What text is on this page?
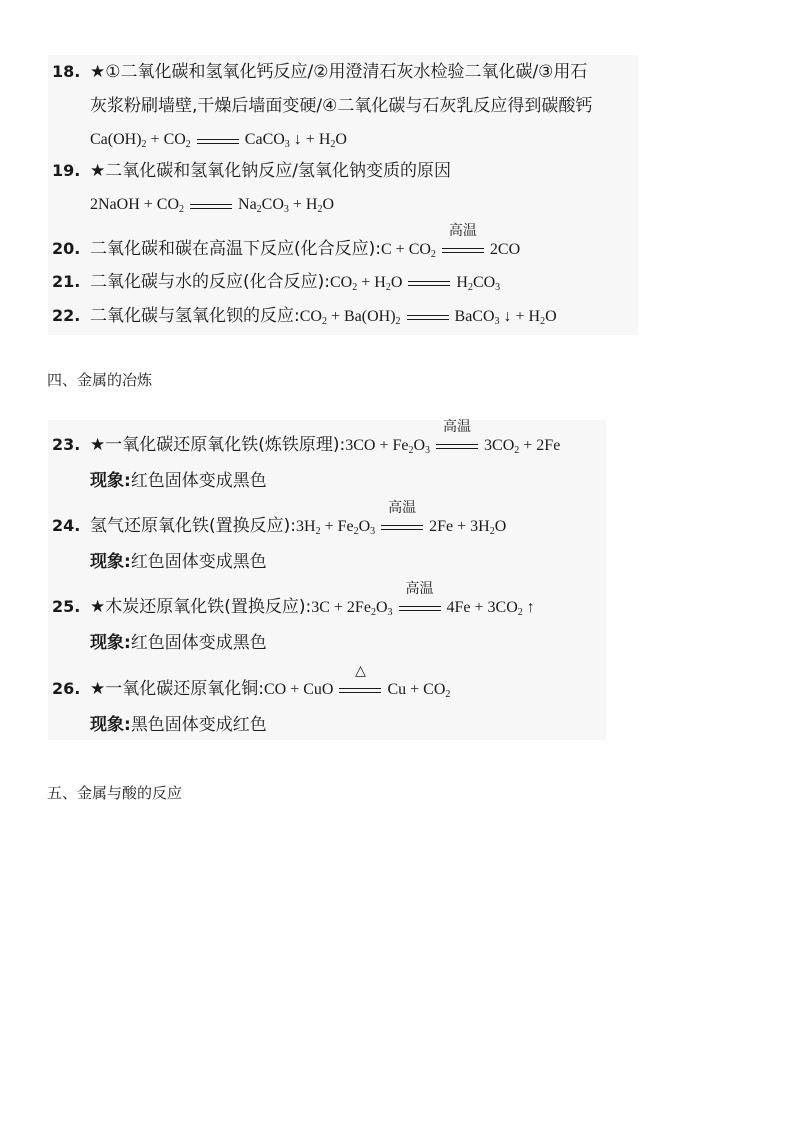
18. ★①二氧化碳和氢氧化钙反应/②用澄清石灰水检验二氧化碳/③用石
灰浆粉刷墙壁,干燥后墙面变硬/④二氧化碳与石灰乳反应得到碳酸钙
$Ca(OH)_2 + CO_2$	CaCO$_3$ ↓ + $H_2O$
19. ★二氧化碳和氢氧化钠反应/氢氧化钠变质的原因
2NaOH + $CO_2$	$Na_2CO_3 + H_2O$
20. 二氧化碳和碳在高温下反应(化合反应):C + $CO_2$
高温
2CO
21. 二氧化碳与水的反应(化合反应)$:CO_2 + H_2O$	$H_2CO_3$
22. 二氧化碳与氢氧化钡的反应$:CO_2 + Ba(OH)_2$	BaCO$_3$ ↓ + $H_2O$
四、金属的冶炼
23. ★一氧化碳还原氧化铁(炼铁原理):3CO + $Fe_2O_3$
高温
$3CO_2 + 2Fe$
现象:红色固体变成黑色
24. 氢气还原氧化铁(置换反应)$:3H_2 + Fe_2O_3$
高温
$2Fe + 3H_2O$
现象:红色固体变成黑色
25. ★木炭还原氧化铁(置换反应):3C + $2Fe_2O_3$
高温
$4Fe + 3CO_2$ ↑
现象:红色固体变成黑色
26. ★一氧化碳还原氧化铜:CO + CuO
△
$Cu + CO_2$
现象:黑色固体变成红色
五、金属与酸的反应
